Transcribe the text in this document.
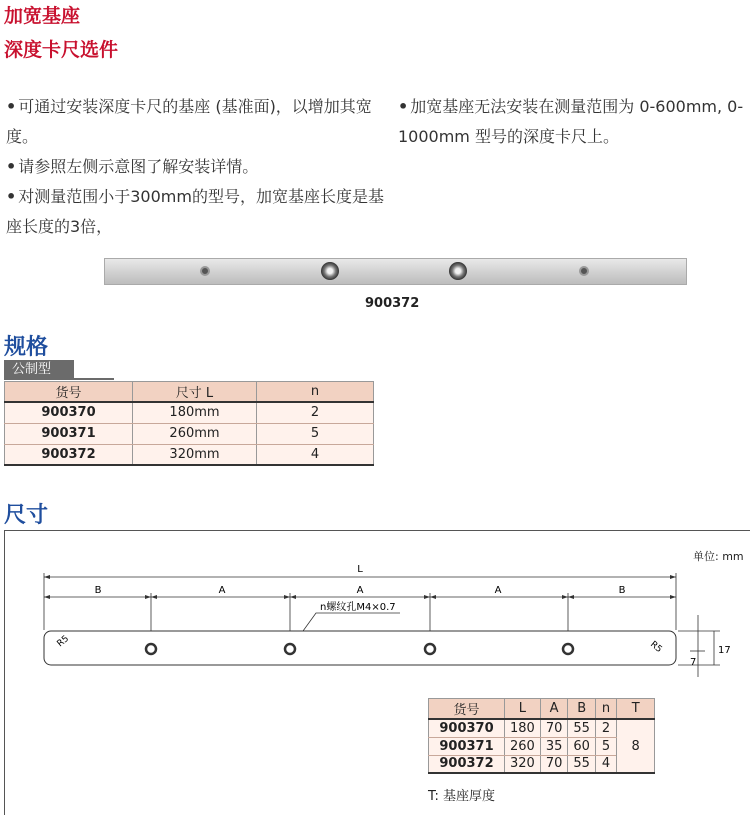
加宽基座
深度卡尺选件
• 可通过安装深度卡尺的基座 (基准面)，以增加其宽度。
• 请参照左侧示意图了解安装详情。
• 对测量范围小于300mm的型号，加宽基座长度是基座长度的3倍，
• 加宽基座无法安装在测量范围为 0-600mm, 0-1000mm 型号的深度卡尺上。
900372
规格
公制型
货号	尺寸 L	n
900370	180mm	2
900371	260mm	5
900372	320mm	4
尺寸
单位: mm
L
B	A	A	A	B
n螺纹孔M4×0.7
R5	R5
7
17
货号	L	A	B	n	T
900370	180	70	55	2	8
900371	260	35	60	5	
900372	320	70	55	4	
T: 基座厚度
